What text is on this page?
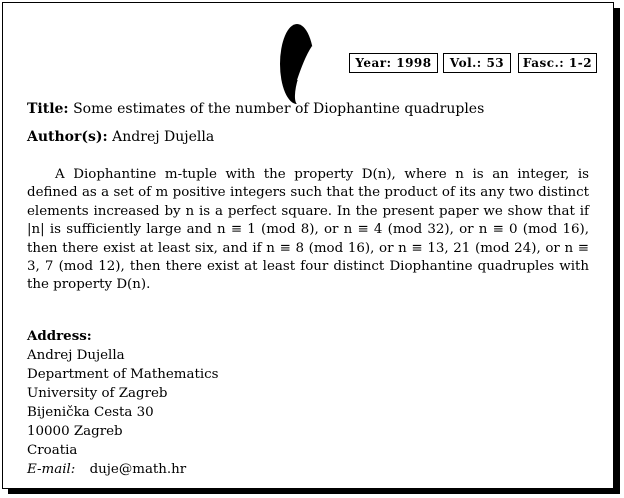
Year: 1998	Vol.: 53	Fasc.: 1-2
Title: Some estimates of the number of Diophantine quadruples
Author(s): Andrej Dujella

A Diophantine m-tuple with the property D(n), where n is an integer, is defined as a set of m positive integers such that the product of its any two distinct elements increased by n is a perfect square. In the present paper we show that if |n| is sufficiently large and n ≡ 1 (mod 8), or n ≡ 4 (mod 32), or n ≡ 0 (mod 16), then there exist at least six, and if n ≡ 8 (mod 16), or n ≡ 13, 21 (mod 24), or n ≡ 3, 7 (mod 12), then there exist at least four distinct Diophantine quadruples with the property D(n).

Address:
Andrej Dujella
Department of Mathematics
University of Zagreb
Bijenička Cesta 30
10000 Zagreb
Croatia
E-mail: duje@math.hr
